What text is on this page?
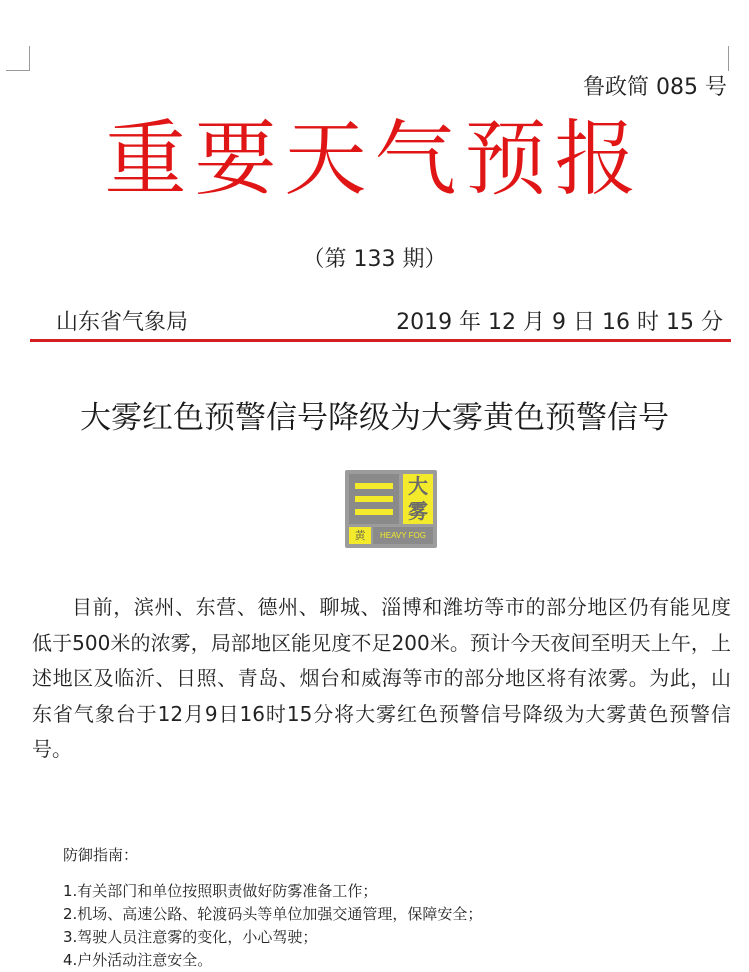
鲁政简 085 号
重要天气预报
（第 133 期）
山东省气象局	2019 年 12 月 9 日 16 时 15 分
大雾红色预警信号降级为大雾黄色预警信号
大
雾
黄	HEAVY FOG

目前，滨州、东营、德州、聊城、淄博和潍坊等市的部分地区仍有能见度低于500米的浓雾，局部地区能见度不足200米。预计今天夜间至明天上午，上述地区及临沂、日照、青岛、烟台和威海等市的部分地区将有浓雾。为此，山东省气象台于12月9日16时15分将大雾红色预警信号降级为大雾黄色预警信号。

防御指南：
1.有关部门和单位按照职责做好防雾准备工作；
2.机场、高速公路、轮渡码头等单位加强交通管理，保障安全；
3.驾驶人员注意雾的变化，小心驾驶；
4.户外活动注意安全。
